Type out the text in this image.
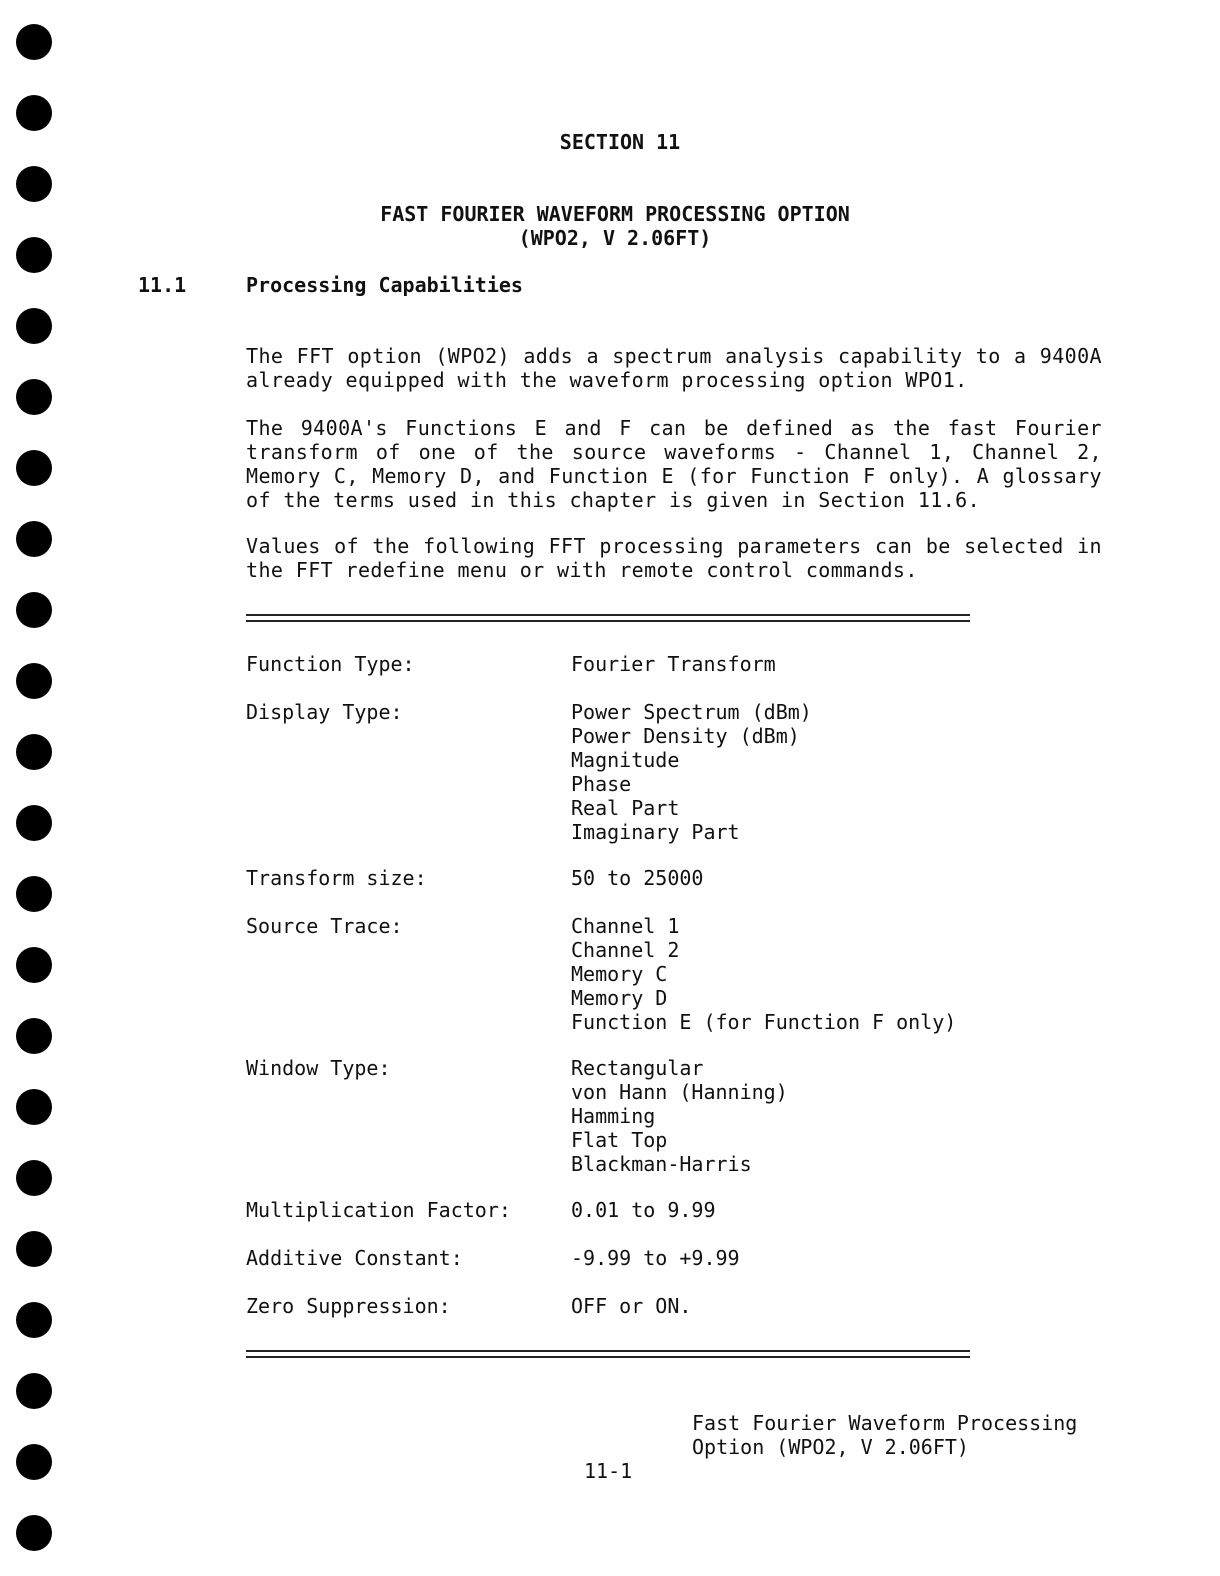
SECTION 11
FAST FOURIER WAVEFORM PROCESSING OPTION
(WPO2, V 2.06FT)
11.1	Processing Capabilities
The FFT option (WPO2) adds a spectrum analysis capability to a 9400A already equipped with the waveform processing option WPO1.
The 9400A's Functions E and F can be defined as the fast Fourier transform of one of the source waveforms - Channel 1, Channel 2, Memory C, Memory D, and Function E (for Function F only). A glossary of the terms used in this chapter is given in Section 11.6.
Values of the following FFT processing parameters can be selected in the FFT redefine menu or with remote control commands.
Function Type:	Fourier Transform
Display Type:	Power Spectrum (dBm)
Power Density (dBm)
Magnitude
Phase
Real Part
Imaginary Part
Transform size:	50 to 25000
Source Trace:	Channel 1
Channel 2
Memory C
Memory D
Function E (for Function F only)
Window Type:	Rectangular
von Hann (Hanning)
Hamming
Flat Top
Blackman-Harris
Multiplication Factor:	0.01 to 9.99
Additive Constant:	-9.99 to +9.99
Zero Suppression:	OFF or ON.
Fast Fourier Waveform Processing
Option (WPO2, V 2.06FT)
11-1
